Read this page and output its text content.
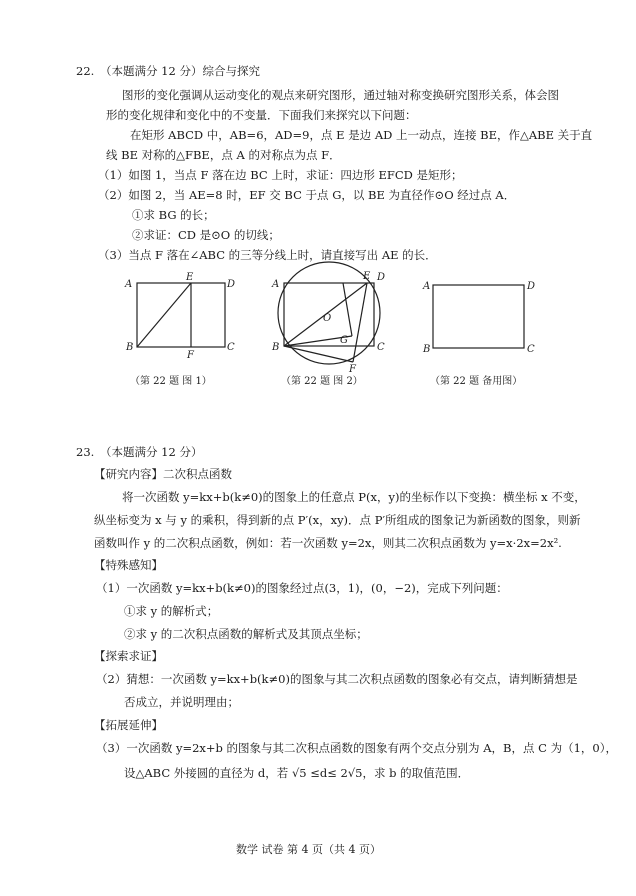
22. （本题满分 12 分）综合与探究
图形的变化强调从运动变化的观点来研究图形，通过轴对称变换研究图形关系，体会图
形的变化规律和变化中的不变量．下面我们来探究以下问题：
在矩形 ABCD 中，AB=6，AD=9，点 E 是边 AD 上一动点，连接 BE，作△ABE 关于直
线 BE 对称的△FBE，点 A 的对称点为点 F．
（1）如图 1，当点 F 落在边 BC 上时，求证：四边形 EFCD 是矩形；
（2）如图 2，当 AE=8 时，EF 交 BC 于点 G，以 BE 为直径作⊙O 经过点 A．
①求 BG 的长；
②求证：CD 是⊙O 的切线；
（3）当点 F 落在∠ABC 的三等分线上时，请直接写出 AE 的长．
A
B	C
D
E
F
A
B	C
D
E
F
G
O
A
B	C
D
（第 22 题 图 1）	（第 22 题 图 2）	（第 22 题 备用图）
23. （本题满分 12 分）
【研究内容】二次积点函数
将一次函数 y=kx+b(k≠0)的图象上的任意点 P(x，y)的坐标作以下变换：横坐标 x 不变，
纵坐标变为 x 与 y 的乘积，得到新的点 P′(x，xy)．点 P′所组成的图象记为新函数的图象，则新
函数叫作 y 的二次积点函数，例如：若一次函数 y=2x，则其二次积点函数为 y=x·2x=2x².
【特殊感知】
（1）一次函数 y=kx+b(k≠0)的图象经过点(3，1)，(0，−2)，完成下列问题：
①求 y 的解析式；
②求 y 的二次积点函数的解析式及其顶点坐标；
【探索求证】
（2）猜想：一次函数 y=kx+b(k≠0)的图象与其二次积点函数的图象必有交点，请判断猜想是
否成立，并说明理由；
【拓展延伸】
（3）一次函数 y=2x+b 的图象与其二次积点函数的图象有两个交点分别为 A，B，点 C 为（1，0），
设△ABC 外接圆的直径为 d，若 √5 ≤d≤ 2√5，求 b 的取值范围．
数学 试卷 第 4 页（共 4 页）
